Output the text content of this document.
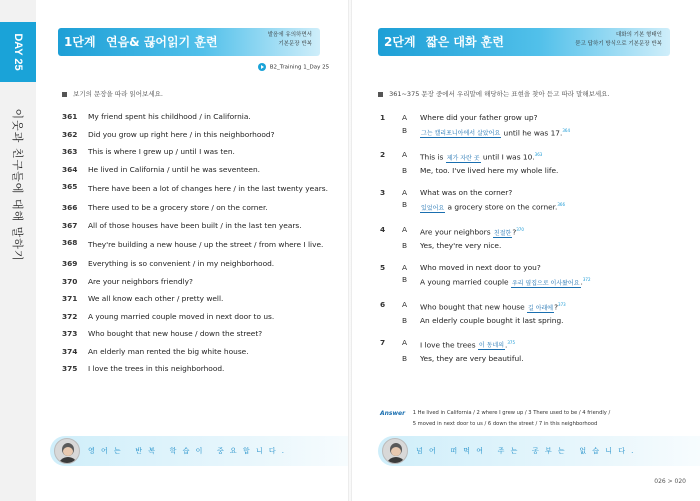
DAY 25
이웃과 친구들에 대해 말하기
1단계 연음& 끊어읽기 훈련	발음에 유의하면서
기본문장 반복
B2_Training 1_Day 25
보기의 문장을 따라 읽어보세요.
361	My friend spent his childhood / in California.
362	Did you grow up right here / in this neighborhood?
363	This is where I grew up / until I was ten.
364	He lived in California / until he was seventeen.
365	There have been a lot of changes here / in the last twenty years.
366	There used to be a grocery store / on the corner.
367	All of those houses have been built / in the last ten years.
368	They're building a new house / up the street / from where I live.
369	Everything is so convenient / in my neighborhood.
370	Are your neighbors friendly?
371	We all know each other / pretty well.
372	A young married couple moved in next door to us.
373	Who bought that new house / down the street?
374	An elderly man rented the big white house.
375	I love the trees in this neighborhood.
영어는 반복 학습이 중요합니다.
2단계 짧은 대화 훈련	대화의 기본 형태인
묻고 답하기 방식으로 기본문장 반복
361~375 문장 중에서 우리말에 해당하는 표현을 찾아 듣고 따라 말해보세요.
1	A	Where did your father grow up?
B	그는 캘리포니아에서 살았어요 until he was 17.$^{364}$
2	A	This is 제가 자란 곳 until I was 10.$^{363}$
B	Me, too. I've lived here my whole life.
3	A	What was on the corner?
B	있었어요 a grocery store on the corner.$^{366}$
4	A	Are your neighbors 친절한?$^{370}$
B	Yes, they're very nice.
5	A	Who moved in next door to you?
B	A young married couple 우리 옆집으로 이사왔어요.$^{372}$
6	A	Who bought that new house 길 아래에?$^{373}$
B	An elderly couple bought it last spring.
7	A	I love the trees 이 동네의.$^{375}$
B	Yes, they are very beautiful.
Answer 1 He lived in California / 2 where I grew up / 3 There used to be / 4 friendly /
5 moved in next door to us / 6 down the street / 7 in this neighborhood
넘어 떠먹여 주는 공부는 없습니다.
026 > 020
